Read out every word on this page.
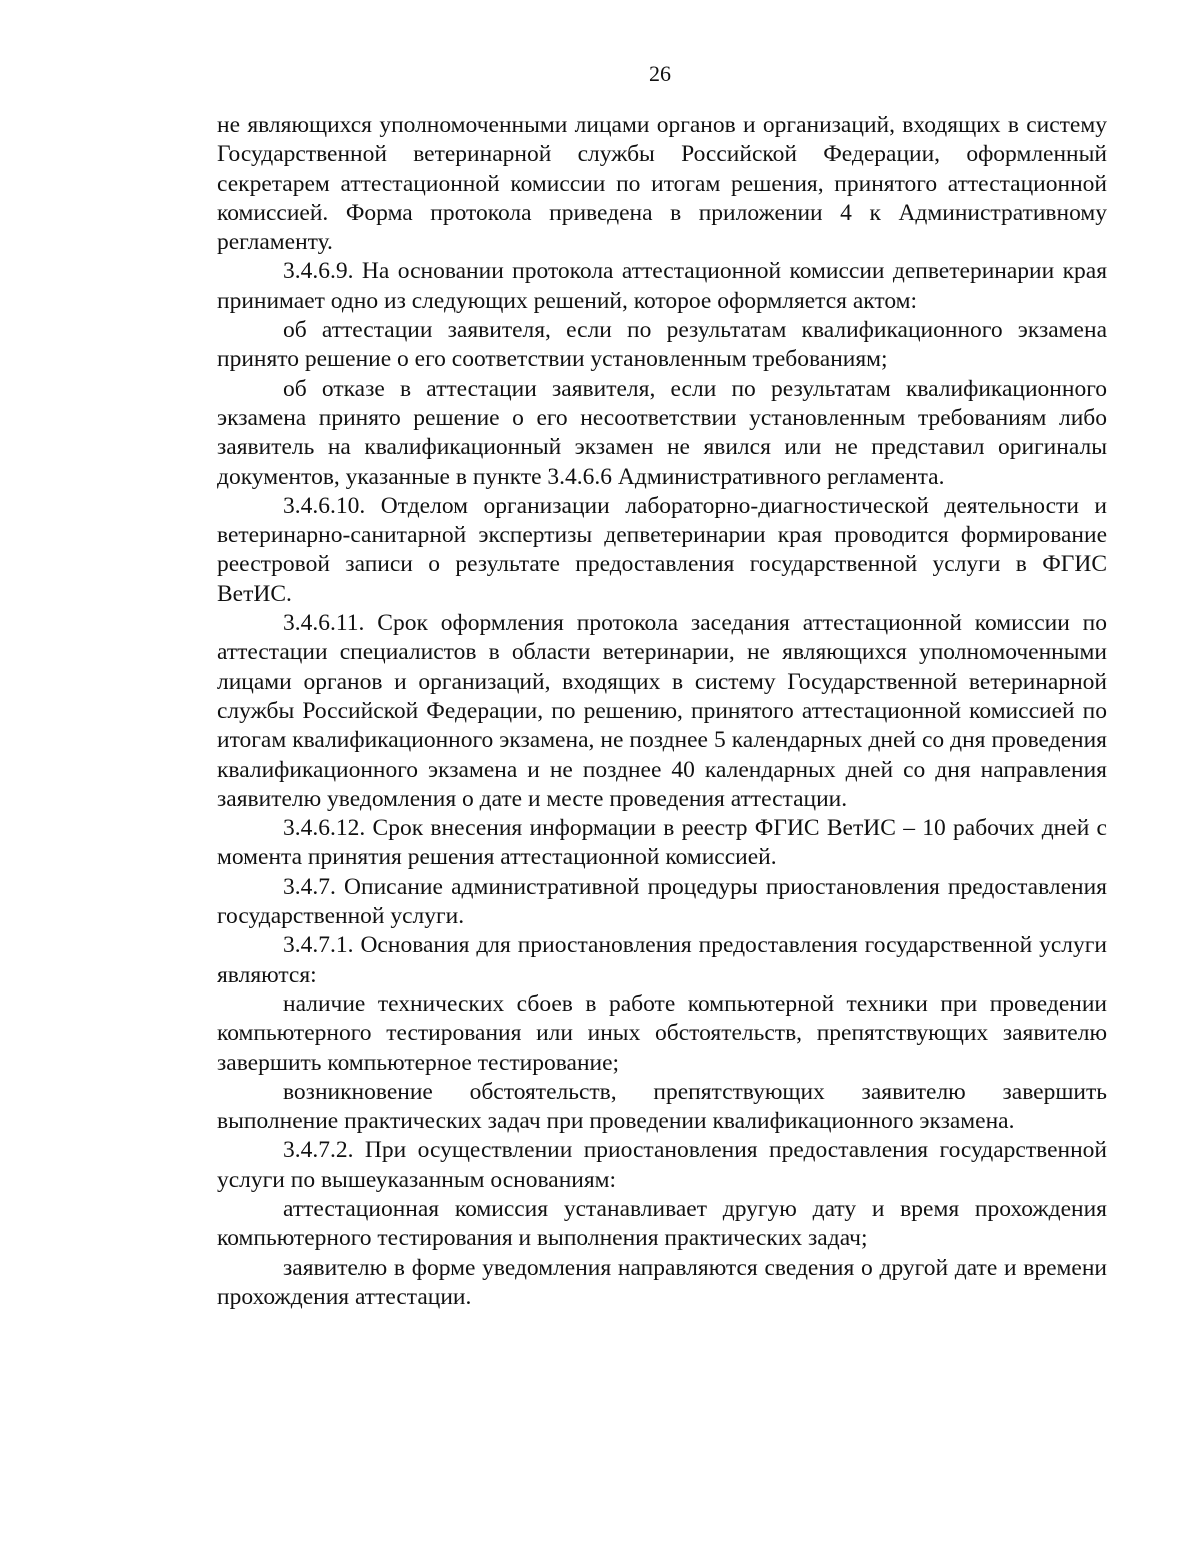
26

не являющихся уполномоченными лицами органов и организаций, входящих в систему Государственной ветеринарной службы Российской Федерации, оформленный секретарем аттестационной комиссии по итогам решения, принятого аттестационной комиссией. Форма протокола приведена в приложении 4 к Административному регламенту.

3.4.6.9. На основании протокола аттестационной комиссии депветеринарии края принимает одно из следующих решений, которое оформляется актом:

об аттестации заявителя, если по результатам квалификационного экзамена принято решение о его соответствии установленным требованиям;

об отказе в аттестации заявителя, если по результатам квалификационного экзамена принято решение о его несоответствии установленным требованиям либо заявитель на квалификационный экзамен не явился или не представил оригиналы документов, указанные в пункте 3.4.6.6 Административного регламента.

3.4.6.10. Отделом организации лабораторно-диагностической деятельности и ветеринарно-санитарной экспертизы депветеринарии края проводится формирование реестровой записи о результате предоставления государственной услуги в ФГИС ВетИС.

3.4.6.11. Срок оформления протокола заседания аттестационной комиссии по аттестации специалистов в области ветеринарии, не являющихся уполномоченными лицами органов и организаций, входящих в систему Государственной ветеринарной службы Российской Федерации, по решению, принятого аттестационной комиссией по итогам квалификационного экзамена, не позднее 5 календарных дней со дня проведения квалификационного экзамена и не позднее 40 календарных дней со дня направления заявителю уведомления о дате и месте проведения аттестации.

3.4.6.12. Срок внесения информации в реестр ФГИС ВетИС – 10 рабочих дней с момента принятия решения аттестационной комиссией.

3.4.7. Описание административной процедуры приостановления предоставления государственной услуги.

3.4.7.1. Основания для приостановления предоставления государственной услуги являются:

наличие технических сбоев в работе компьютерной техники при проведении компьютерного тестирования или иных обстоятельств, препятствующих заявителю завершить компьютерное тестирование;

возникновение обстоятельств, препятствующих заявителю завершить выполнение практических задач при проведении квалификационного экзамена.

3.4.7.2. При осуществлении приостановления предоставления государственной услуги по вышеуказанным основаниям:

аттестационная комиссия устанавливает другую дату и время прохождения компьютерного тестирования и выполнения практических задач;

заявителю в форме уведомления направляются сведения о другой дате и времени прохождения аттестации.
